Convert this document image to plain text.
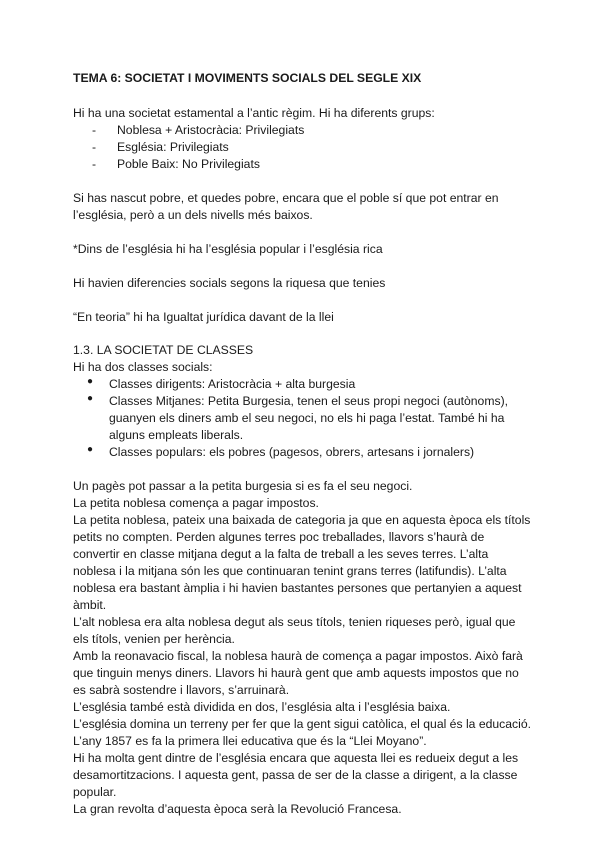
TEMA 6: SOCIETAT I MOVIMENTS SOCIALS DEL SEGLE XIX
Hi ha una societat estamental a l’antic règim. Hi ha diferents grups:
- Noblesa + Aristocràcia: Privilegiats
- Església: Privilegiats
- Poble Baix: No Privilegiats
Si has nascut pobre, et quedes pobre, encara que el poble sí que pot entrar en
l’església, però a un dels nivells més baixos.
*Dins de l’església hi ha l’església popular i l’església rica
Hi havien diferencies socials segons la riquesa que tenies
“En teoria” hi ha Igualtat jurídica davant de la llei
1.3. LA SOCIETAT DE CLASSES
Hi ha dos classes socials:
● Classes dirigents: Aristocràcia + alta burgesia
● Classes Mitjanes: Petita Burgesia, tenen el seus propi negoci (autònoms),
guanyen els diners amb el seu negoci, no els hi paga l’estat. També hi ha
alguns empleats liberals.
● Classes populars: els pobres (pagesos, obrers, artesans i jornalers)
Un pagès pot passar a la petita burgesia si es fa el seu negoci.
La petita noblesa comença a pagar impostos.
La petita noblesa, pateix una baixada de categoria ja que en aquesta època els títols
petits no compten. Perden algunes terres poc treballades, llavors s’haurà de
convertir en classe mitjana degut a la falta de treball a les seves terres. L’alta
noblesa i la mitjana són les que continuaran tenint grans terres (latifundis). L’alta
noblesa era bastant àmplia i hi havien bastantes persones que pertanyien a aquest
àmbit.
L’alt noblesa era alta noblesa degut als seus títols, tenien riqueses però, igual que
els títols, venien per herència.
Amb la reonavacio fiscal, la noblesa haurà de començа a pagar impostos. Això farà
que tinguin menys diners. Llavors hi haurà gent que amb aquests impostos que no
es sabrà sostendre i llavors, s’arruinarà.
L’església també està dividida en dos, l’església alta i l’església baixa.
L’església domina un terreny per fer que la gent sigui catòlica, el qual és la educació.
L’any 1857 es fa la primera llei educativa que és la “Llei Moyano”.
Hi ha molta gent dintre de l’església encara que aquesta llei es redueix degut a les
desamortitzacions. I aquesta gent, passa de ser de la classe a dirigent, a la classe
popular.
La gran revolta d’aquesta època serà la Revolució Francesa.
